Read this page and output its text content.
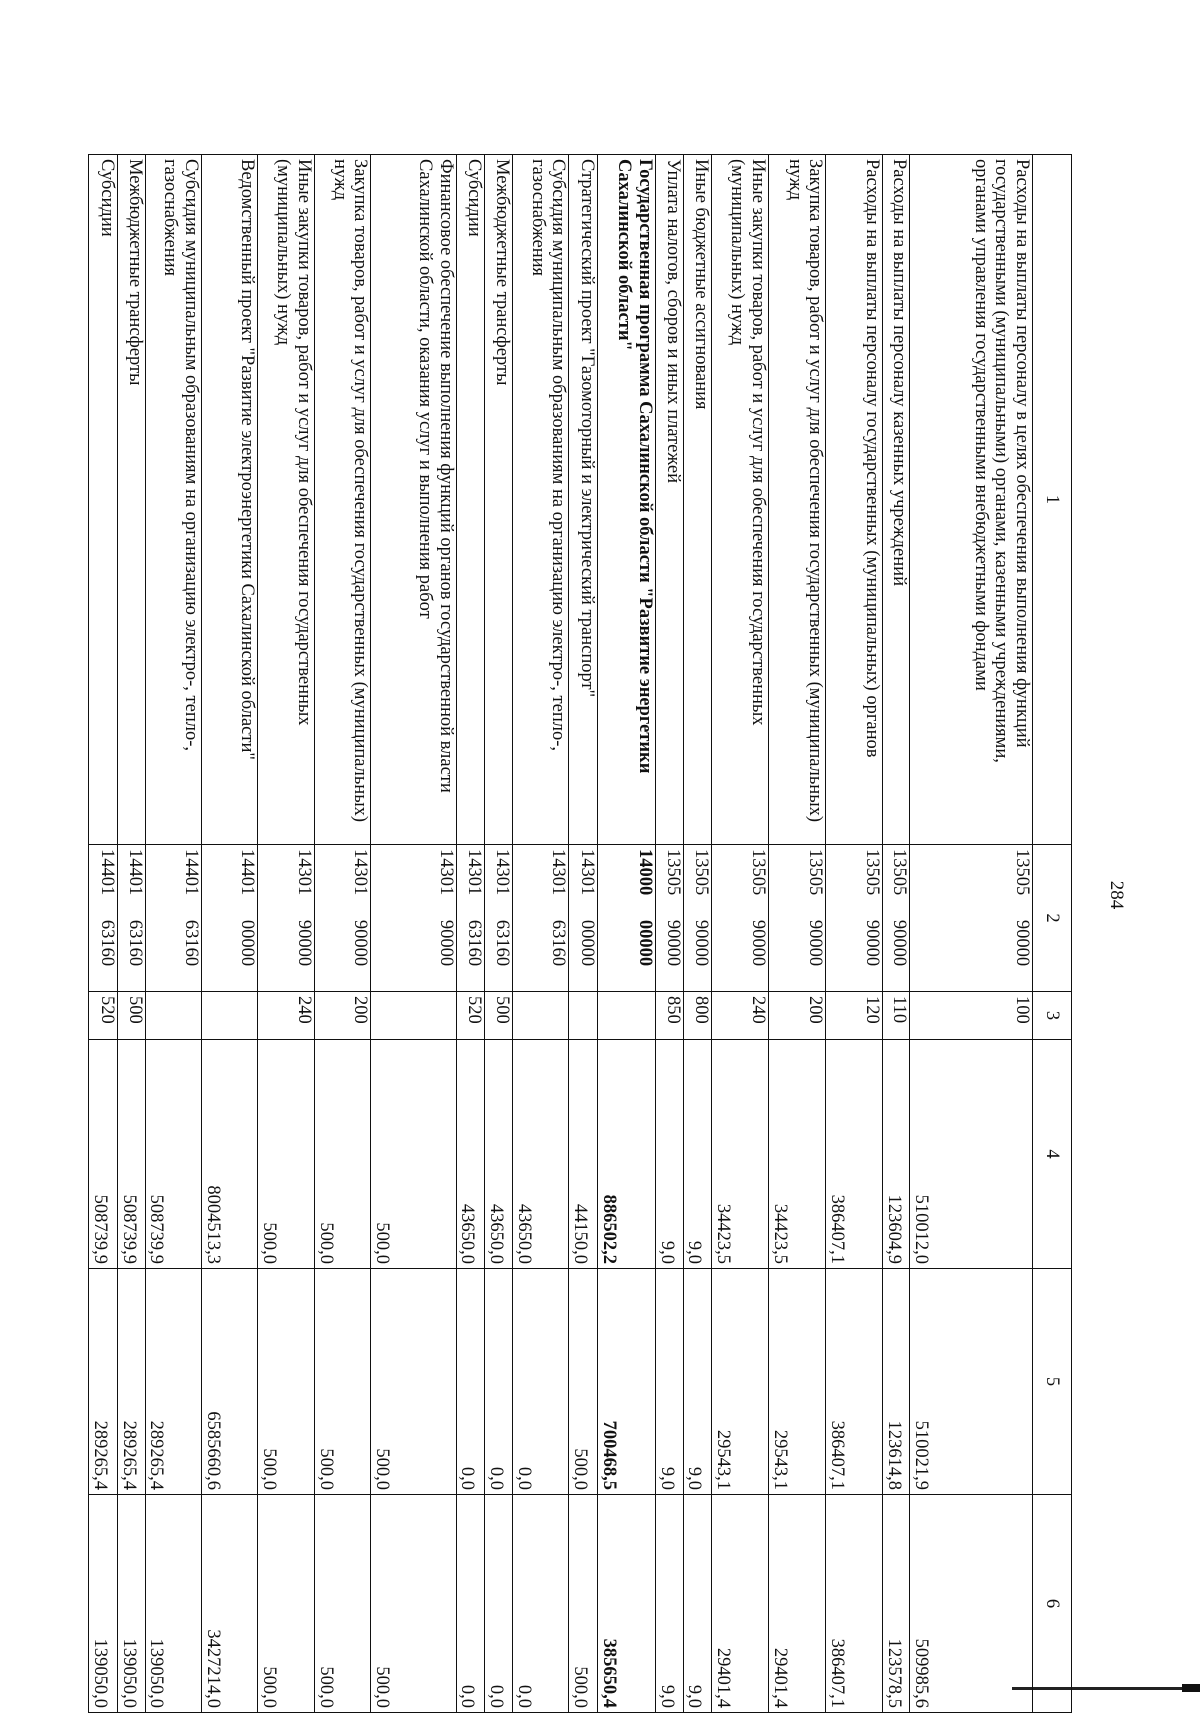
284
1	2	3	4	5	6
Расходы на выплаты персоналу в целях обеспечения выполнения функций государственными (муниципальными) органами, казенными учреждениями, органами управления государственными внебюджетными фондами	13505 90000	100	510012,0	510021,9	509985,6
Расходы на выплаты персоналу казенных учреждений	13505 90000	110	123604,9	123614,8	123578,5
Расходы на выплаты персоналу государственных (муниципальных) органов	13505 90000	120	386407,1	386407,1	386407,1
Закупка товаров, работ и услуг для обеспечения государственных (муниципальных) нужд	13505 90000	200	34423,5	29543,1	29401,4
Иные закупки товаров, работ и услуг для обеспечения государственных (муниципальных) нужд	13505 90000	240	34423,5	29543,1	29401,4
Иные бюджетные ассигнования	13505 90000	800	9,0	9,0	9,0
Уплата налогов, сборов и иных платежей	13505 90000	850	9,0	9,0	9,0
Государственная программа Сахалинской области "Развитие энергетики Сахалинской области"	14000 00000		886502,2	700468,5	385650,4
Стратегический проект "Газомоторный и электрический транспорт"	14301 00000		44150,0	500,0	500,0
Субсидия муниципальным образованиям на организацию электро-, тепло-, газоснабжения	14301 63160		43650,0	0,0	0,0
Межбюджетные трансферты	14301 63160	500	43650,0	0,0	0,0
Субсидии	14301 63160	520	43650,0	0,0	0,0
Финансовое обеспечение выполнения функций органов государственной власти Сахалинской области, оказания услуг и выполнения работ	14301 90000		500,0	500,0	500,0
Закупка товаров, работ и услуг для обеспечения государственных (муниципальных) нужд	14301 90000	200	500,0	500,0	500,0
Иные закупки товаров, работ и услуг для обеспечения государственных (муниципальных) нужд	14301 90000	240	500,0	500,0	500,0
Ведомственный проект "Развитие электроэнергетики Сахалинской области"	14401 00000		8004513,3	6585660,6	3427214,0
Субсидия муниципальным образованиям на организацию электро-, тепло-, газоснабжения	14401 63160		508739,9	289265,4	139050,0
Межбюджетные трансферты	14401 63160	500	508739,9	289265,4	139050,0
Субсидии	14401 63160	520	508739,9	289265,4	139050,0
